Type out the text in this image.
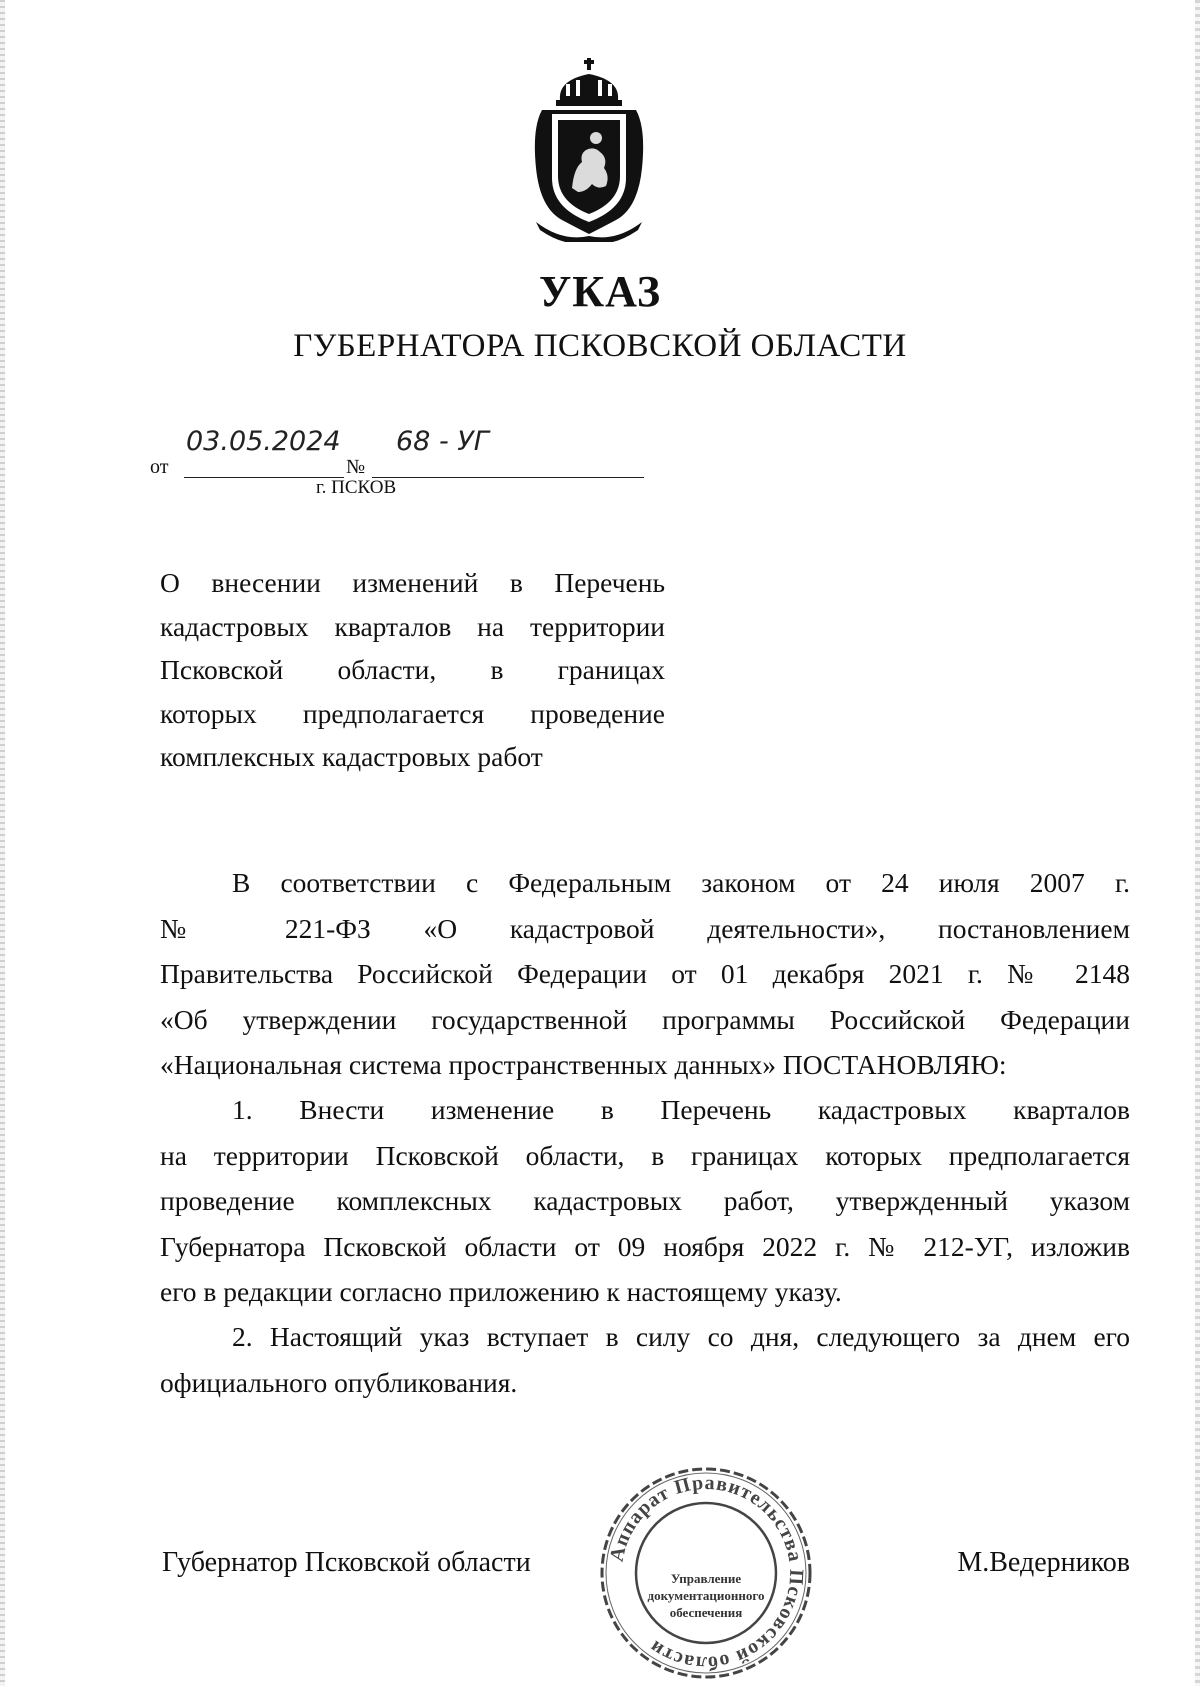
УКАЗ
ГУБЕРНАТОРА ПСКОВСКОЙ ОБЛАСТИ
от
03.05.2024
№
68 - УГ
г. ПСКОВ
О внесении изменений в Перечень
кадастровых кварталов на территории
Псковской области, в границах
которых предполагается проведение
комплексных кадастровых работ
В соответствии с Федеральным законом от 24 июля 2007 г.
№ 221-ФЗ «О кадастровой деятельности», постановлением
Правительства Российской Федерации от 01 декабря 2021 г. № 2148
«Об утверждении государственной программы Российской Федерации
«Национальная система пространственных данных» ПОСТАНОВЛЯЮ:
1. Внести изменение в Перечень кадастровых кварталов
на территории Псковской области, в границах которых предполагается
проведение комплексных кадастровых работ, утвержденный указом
Губернатора Псковской области от 09 ноября 2022 г. № 212-УГ, изложив
его в редакции согласно приложению к настоящему указу.
2. Настоящий указ вступает в силу со дня, следующего за днем его
официального опубликования.
Губернатор Псковской области	М.Ведерников
Аппарат Правительства Псковской области
Управление
документационного
обеспечения
